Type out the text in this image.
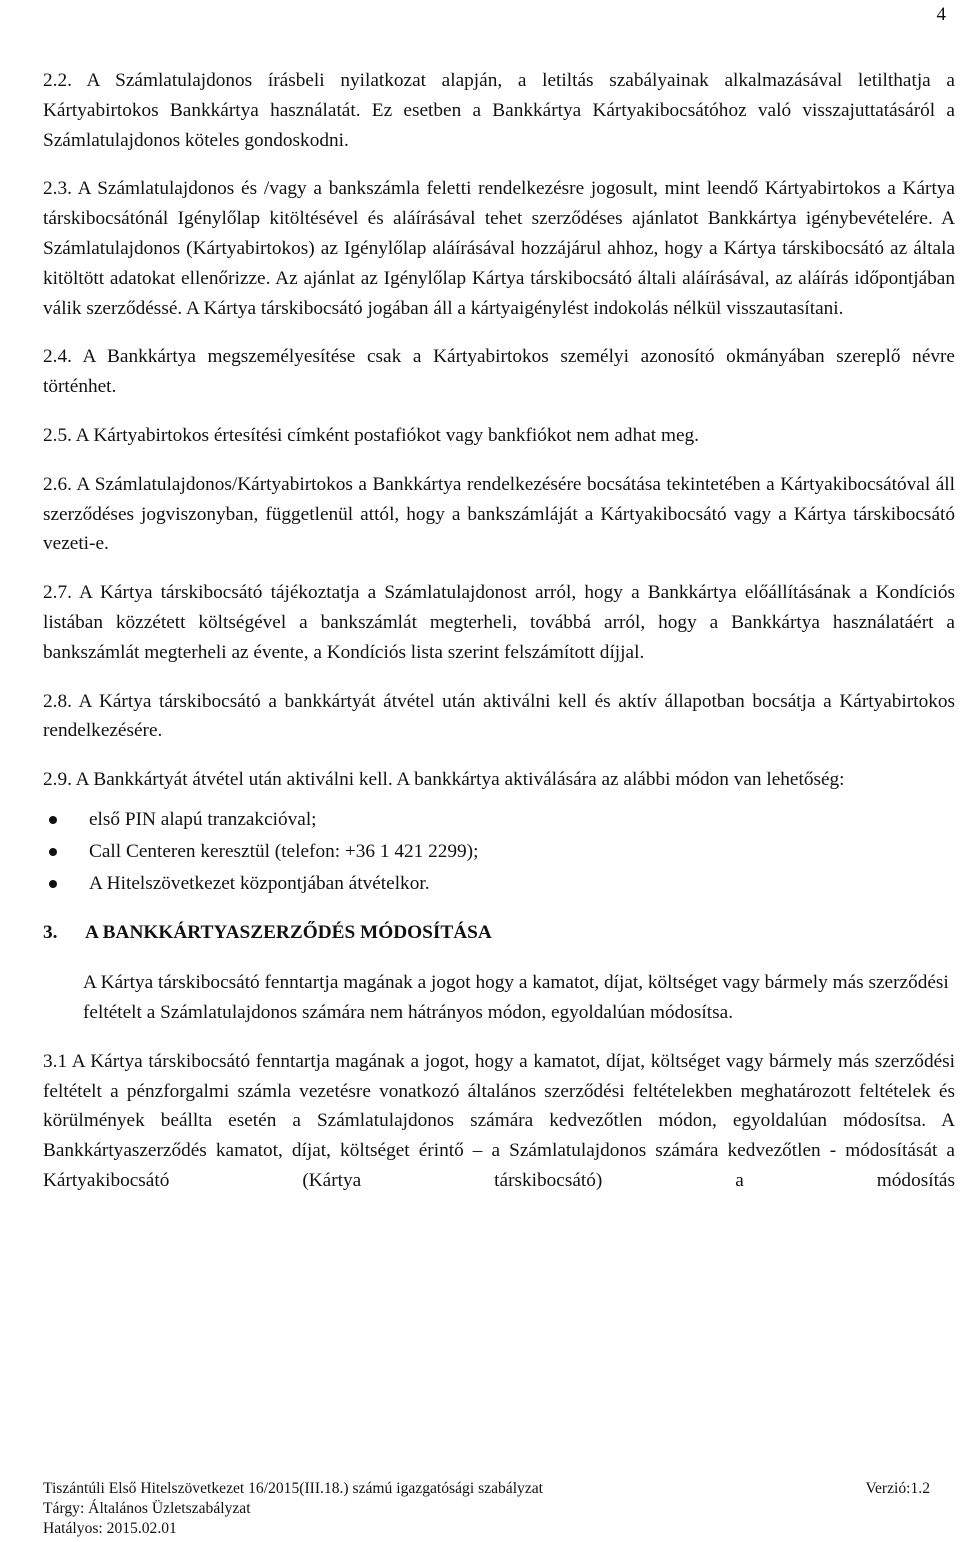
4

2.2. A Számlatulajdonos írásbeli nyilatkozat alapján, a letiltás szabályainak alkalmazásával letilthatja a Kártyabirtokos Bankkártya használatát. Ez esetben a Bankkártya Kártyakibocsátóhoz való visszajuttatásáról a Számlatulajdonos köteles gondoskodni.

2.3. A Számlatulajdonos és /vagy a bankszámla feletti rendelkezésre jogosult, mint leendő Kártyabirtokos a Kártya társkibocsátónál Igénylőlap kitöltésével és aláírásával tehet szerződéses ajánlatot Bankkártya igénybevételére. A Számlatulajdonos (Kártyabirtokos) az Igénylőlap aláírásával hozzájárul ahhoz, hogy a Kártya társkibocsátó az általa kitöltött adatokat ellenőrizze. Az ajánlat az Igénylőlap Kártya társkibocsátó általi aláírásával, az aláírás időpontjában válik szerződéssé. A Kártya társkibocsátó jogában áll a kártyaigénylést indokolás nélkül visszautasítani.

2.4. A Bankkártya megszemélyesítése csak a Kártyabirtokos személyi azonosító okmányában szereplő névre történhet.

2.5. A Kártyabirtokos értesítési címként postafiókot vagy bankfiókot nem adhat meg.

2.6. A Számlatulajdonos/Kártyabirtokos a Bankkártya rendelkezésére bocsátása tekintetében a Kártyakibocsátóval áll szerződéses jogviszonyban, függetlenül attól, hogy a bankszámláját a Kártyakibocsátó vagy a Kártya társkibocsátó vezeti-e.

2.7. A Kártya társkibocsátó tájékoztatja a Számlatulajdonost arról, hogy a Bankkártya előállításának a Kondíciós listában közzétett költségével a bankszámlát megterheli, továbbá arról, hogy a Bankkártya használatáért a bankszámlát megterheli az évente, a Kondíciós lista szerint felszámított díjjal.

2.8. A Kártya társkibocsátó a bankkártyát átvétel után aktiválni kell és aktív állapotban bocsátja a Kártyabirtokos rendelkezésére.

2.9. A Bankkártyát átvétel után aktiválni kell. A bankkártya aktiválására az alábbi módon van lehetőség:

első PIN alapú tranzakcióval;
Call Centeren keresztül (telefon: +36 1 421 2299);
A Hitelszövetkezet központjában átvételkor.
3. A BANKKÁRTYASZERZŐDÉS MÓDOSÍTÁSA

A Kártya társkibocsátó fenntartja magának a jogot hogy a kamatot, díjat, költséget vagy bármely más szerződési feltételt a Számlatulajdonos számára nem hátrányos módon, egyoldalúan módosítsa.

3.1 A Kártya társkibocsátó fenntartja magának a jogot, hogy a kamatot, díjat, költséget vagy bármely más szerződési feltételt a pénzforgalmi számla vezetésre vonatkozó általános szerződési feltételekben meghatározott feltételek és körülmények beállta esetén a Számlatulajdonos számára kedvezőtlen módon, egyoldalúan módosítsa. A Bankkártyaszerződés kamatot, díjat, költséget érintő – a Számlatulajdonos számára kedvezőtlen - módosítását a Kártyakibocsátó (Kártya társkibocsátó) a módosítás

Tiszántúli Első Hitelszövetkezet 16/2015(III.18.) számú igazgatósági szabályzat	Verzió:1.2
Tárgy: Általános Üzletszabályzat
Hatályos: 2015.02.01
